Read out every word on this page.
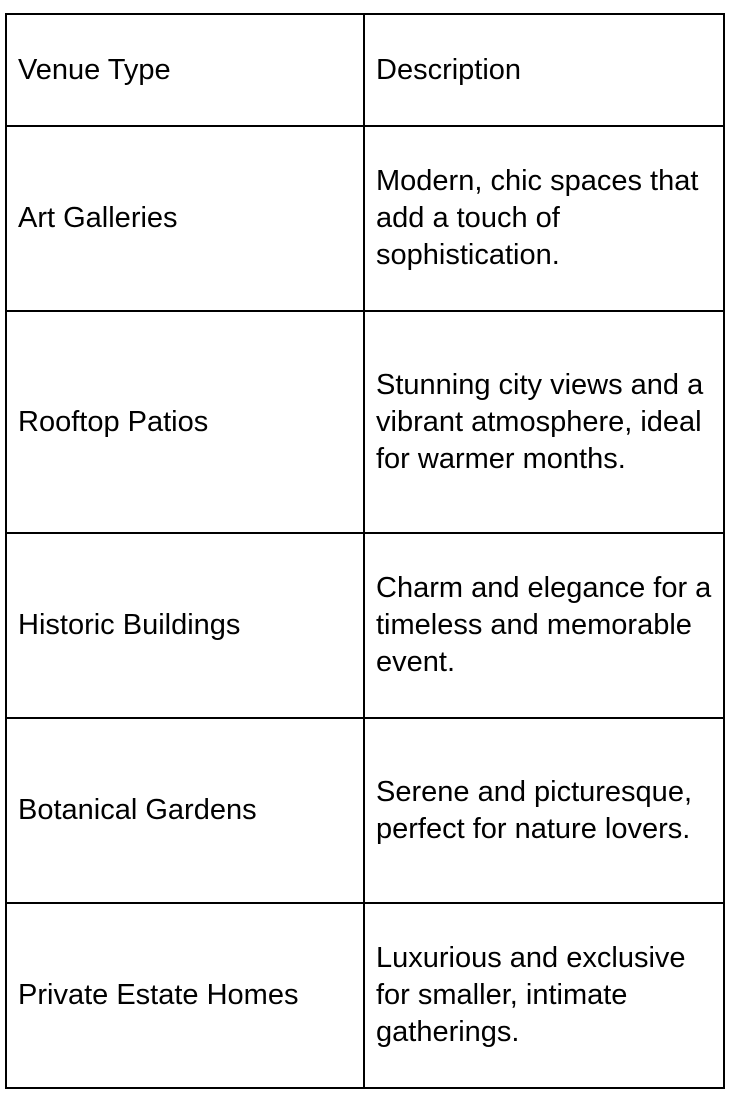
Venue Type	Description
Art Galleries	Modern, chic spaces that add a touch of sophistication.
Rooftop Patios	Stunning city views and a vibrant atmosphere, ideal for warmer months.
Historic Buildings	Charm and elegance for a timeless and memorable event.
Botanical Gardens	Serene and picturesque, perfect for nature lovers.
Private Estate Homes	Luxurious and exclusive for smaller, intimate gatherings.
